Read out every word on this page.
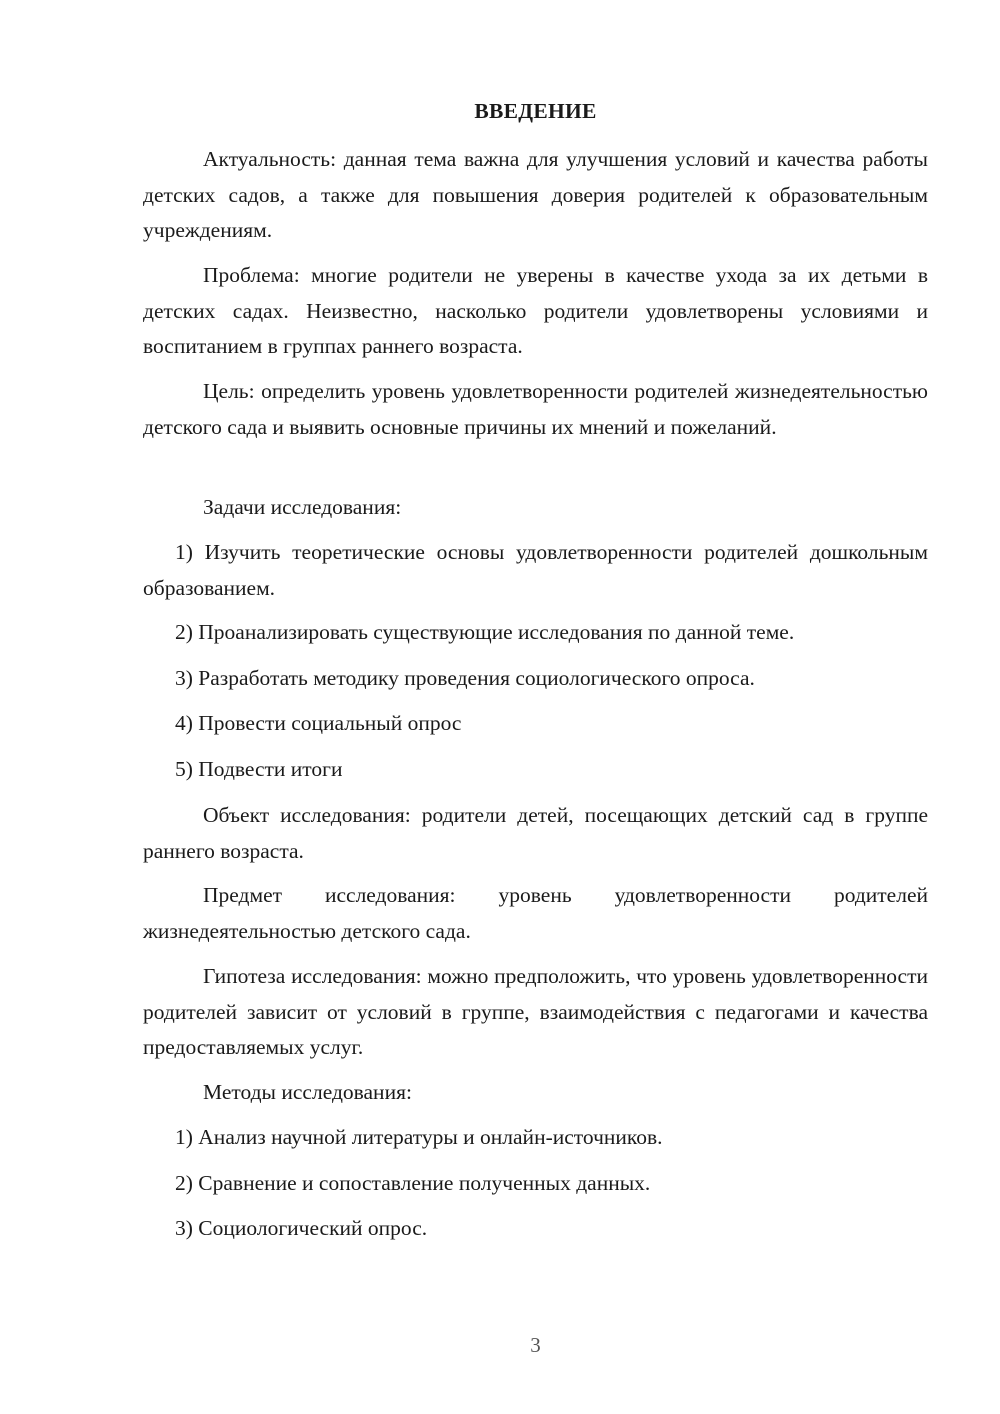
ВВЕДЕНИЕ

Актуальность: данная тема важна для улучшения условий и качества работы детских садов, а также для повышения доверия родителей к образовательным учреждениям.

Проблема: многие родители не уверены в качестве ухода за их детьми в детских садах. Неизвестно, насколько родители удовлетворены условиями и воспитанием в группах раннего возраста.

Цель: определить уровень удовлетворенности родителей жизнедеятельностью детского сада и выявить основные причины их мнений и пожеланий.

Задачи исследования:

1) Изучить теоретические основы удовлетворенности родителей дошкольным образованием.

2) Проанализировать существующие исследования по данной теме.
3) Разработать методику проведения социологического опроса.
4) Провести социальный опрос
5) Подвести итоги

Объект исследования: родители детей, посещающих детский сад в группе раннего возраста.

Предмет исследования: уровень удовлетворенности родителей жизнедеятельностью детского сада.

Гипотеза исследования: можно предположить, что уровень удовлетворенности родителей зависит от условий в группе, взаимодействия с педагогами и качества предоставляемых услуг.

Методы исследования:
1) Анализ научной литературы и онлайн-источников.
2) Сравнение и сопоставление полученных данных.
3) Социологический опрос.
3
